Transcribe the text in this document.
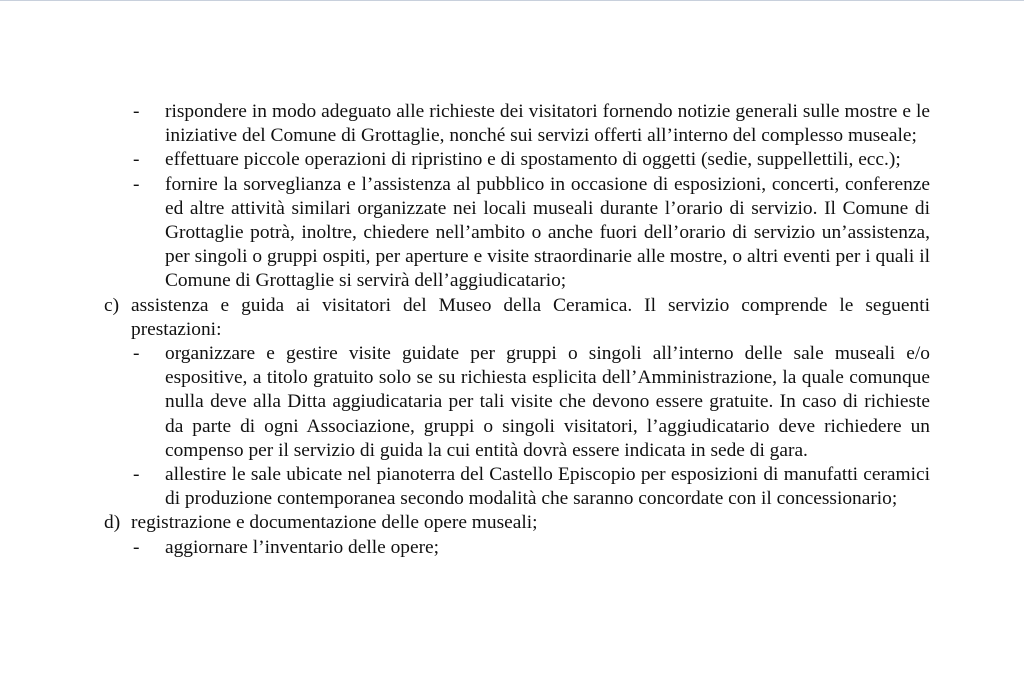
- rispondere in modo adeguato alle richieste dei visitatori fornendo notizie generali sulle mostre e le iniziative del Comune di Grottaglie, nonché sui servizi offerti all’interno del complesso museale;
- effettuare piccole operazioni di ripristino e di spostamento di oggetti (sedie, suppellettili, ecc.);
- fornire la sorveglianza e l’assistenza al pubblico in occasione di esposizioni, concerti, conferenze ed altre attività similari organizzate nei locali museali durante l’orario di servizio. Il Comune di Grottaglie potrà, inoltre, chiedere nell’ambito o anche fuori dell’orario di servizio un’assistenza, per singoli o gruppi ospiti, per aperture e visite straordinarie alle mostre, o altri eventi per i quali il Comune di Grottaglie si servirà dell’aggiudicatario;
c) assistenza e guida ai visitatori del Museo della Ceramica. Il servizio comprende le seguenti prestazioni:
- organizzare e gestire visite guidate per gruppi o singoli all’interno delle sale museali e/o espositive, a titolo gratuito solo se su richiesta esplicita dell’Amministrazione, la quale comunque nulla deve alla Ditta aggiudicataria per tali visite che devono essere gratuite. In caso di richieste da parte di ogni Associazione, gruppi o singoli visitatori, l’aggiudicatario deve richiedere un compenso per il servizio di guida la cui entità dovrà essere indicata in sede di gara.
- allestire le sale ubicate nel pianoterra del Castello Episcopio per esposizioni di manufatti ceramici di produzione contemporanea secondo modalità che saranno concordate con il concessionario;
d) registrazione e documentazione delle opere museali;
- aggiornare l’inventario delle opere;
